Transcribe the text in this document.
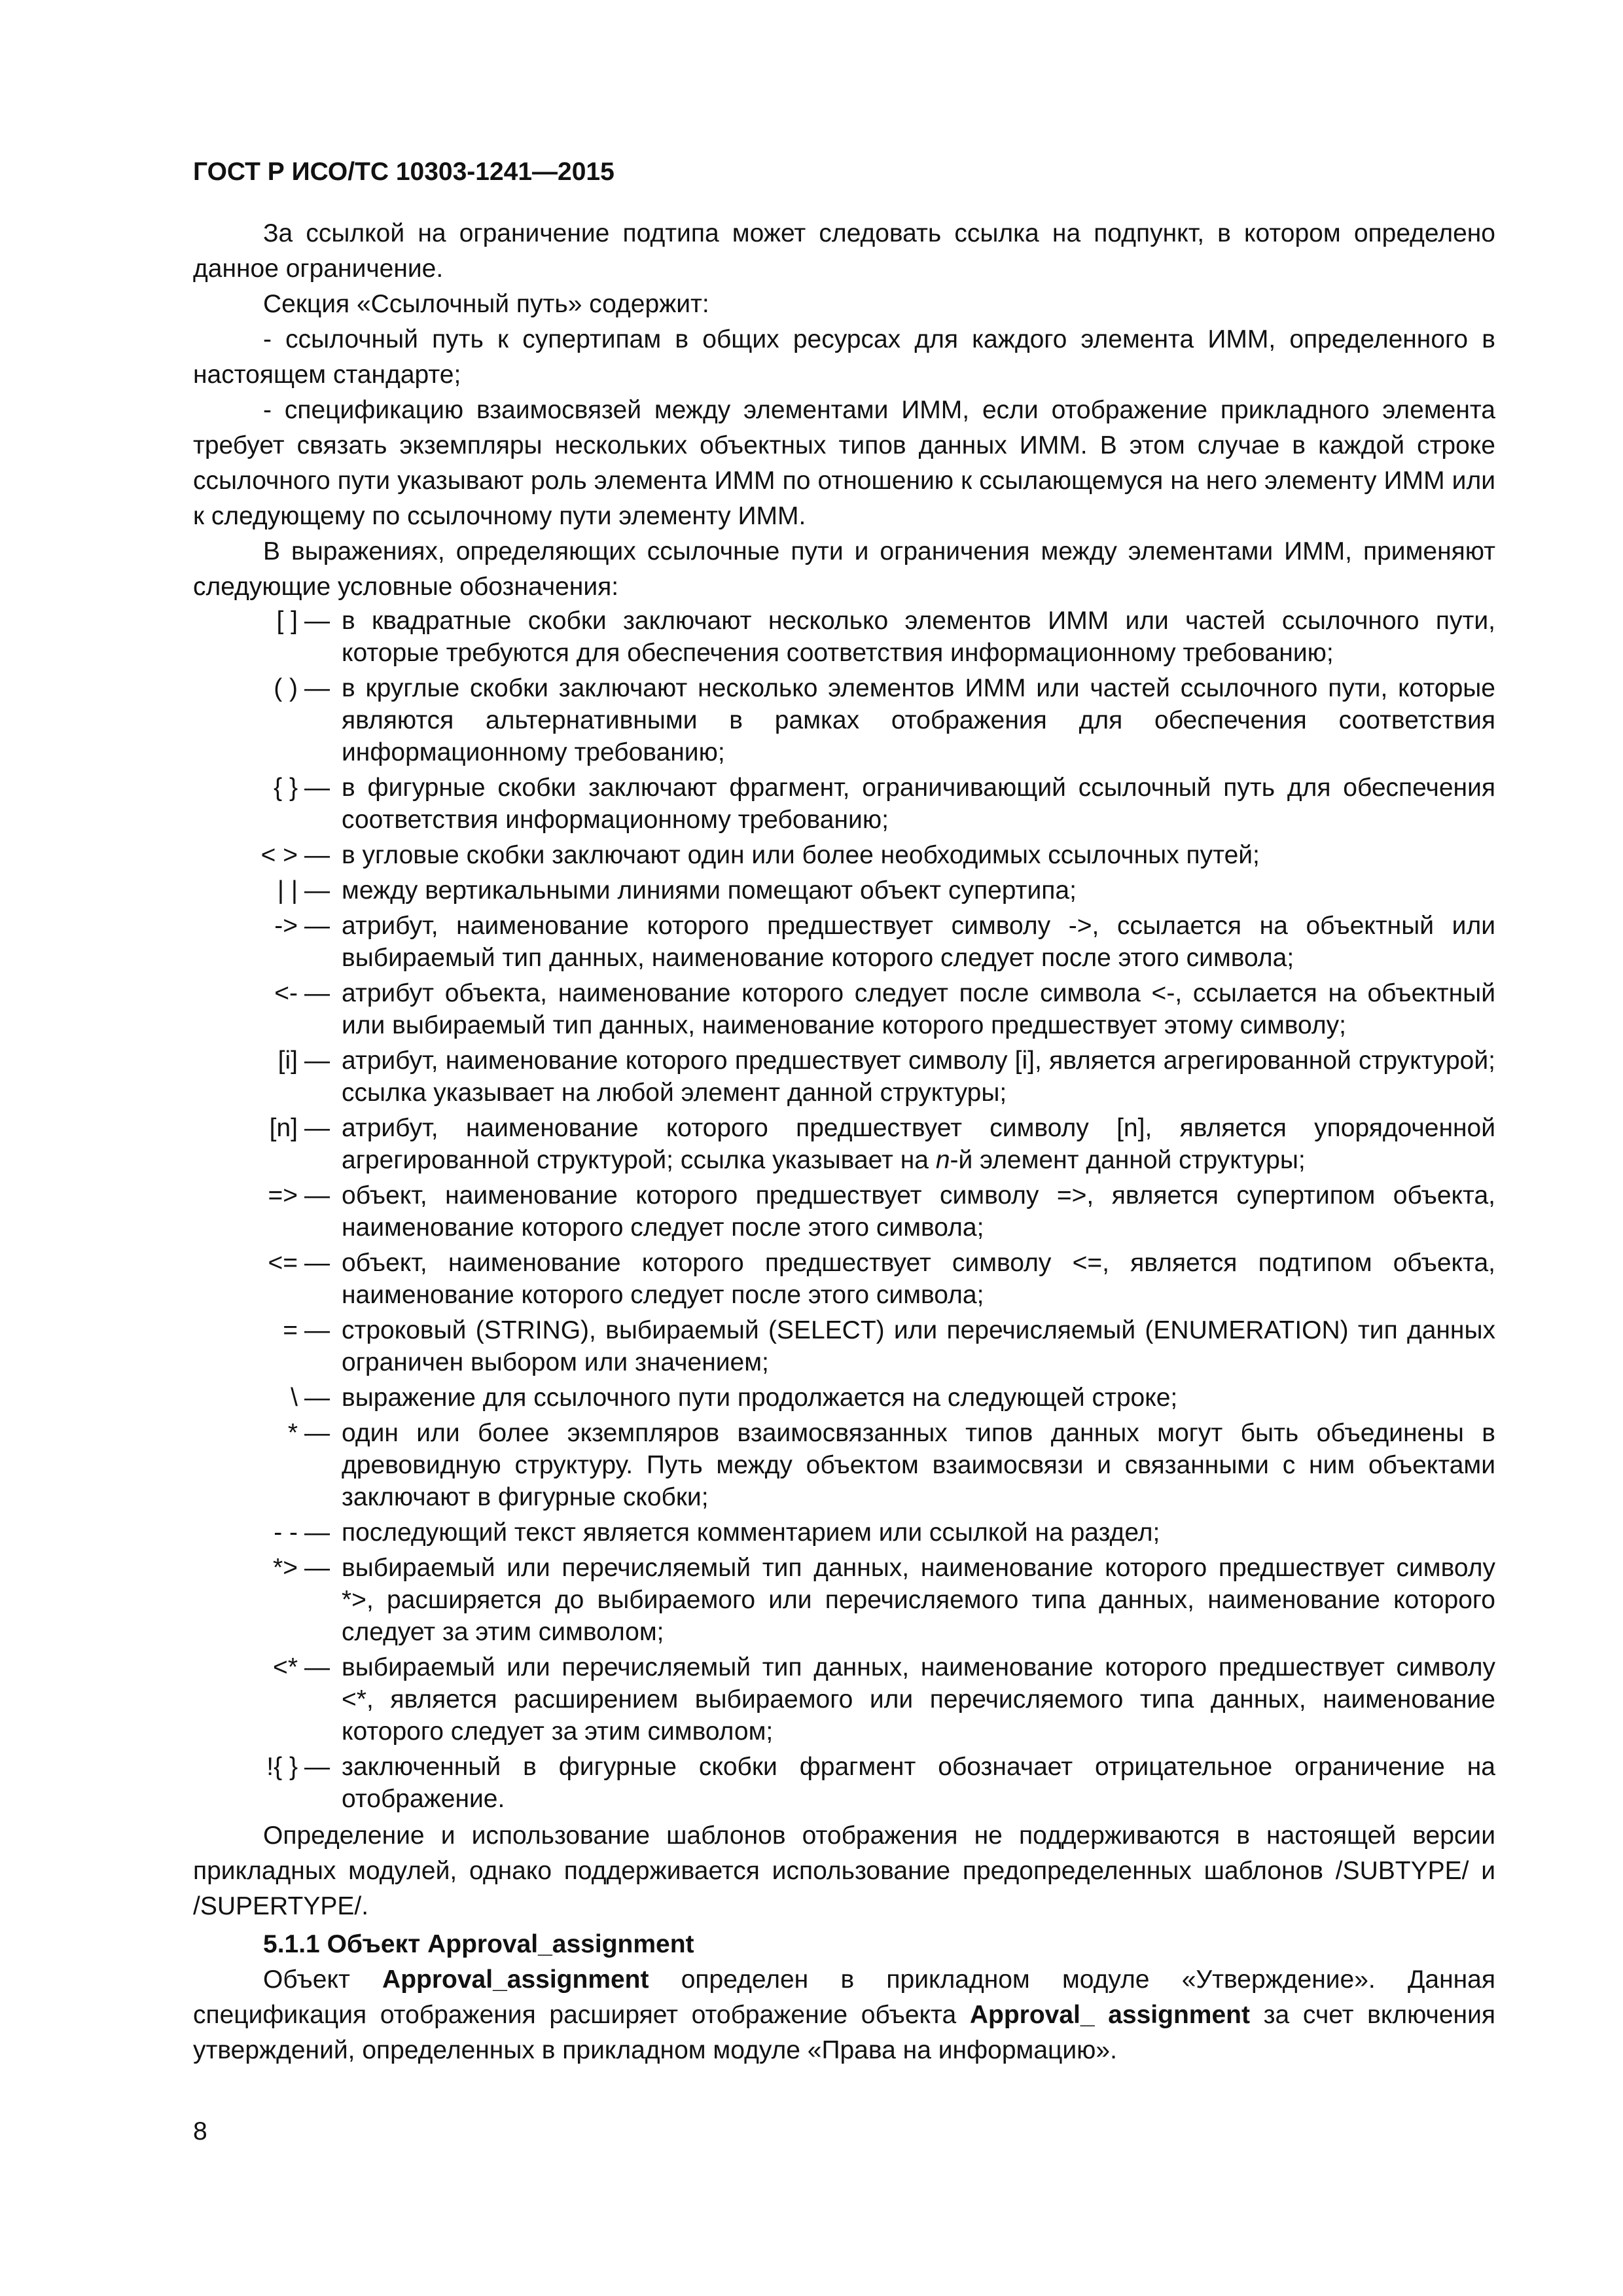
ГОСТ Р ИСО/ТС 10303-1241—2015

За ссылкой на ограничение подтипа может следовать ссылка на подпункт, в котором определено данное ограничение.

Секция «Ссылочный путь» содержит:

- ссылочный путь к супертипам в общих ресурсах для каждого элемента ИММ, определенного в настоящем стандарте;

- спецификацию взаимосвязей между элементами ИММ, если отображение прикладного элемента требует связать экземпляры нескольких объектных типов данных ИММ. В этом случае в каждой строке ссылочного пути указывают роль элемента ИММ по отношению к ссылающемуся на него элементу ИММ или к следующему по ссылочному пути элементу ИММ.

В выражениях, определяющих ссылочные пути и ограничения между элементами ИММ, применяют следующие условные обозначения:

[ ] — в квадратные скобки заключают несколько элементов ИММ или частей ссылочного пути, которые требуются для обеспечения соответствия информационному требованию;
( ) — в круглые скобки заключают несколько элементов ИММ или частей ссылочного пути, которые являются альтернативными в рамках отображения для обеспечения соответствия информационному требованию;
{ } — в фигурные скобки заключают фрагмент, ограничивающий ссылочный путь для обеспечения соответствия информационному требованию;
< > — в угловые скобки заключают один или более необходимых ссылочных путей;
| | — между вертикальными линиями помещают объект супертипа;
-> — атрибут, наименование которого предшествует символу ->, ссылается на объектный или выбираемый тип данных, наименование которого следует после этого символа;
<- — атрибут объекта, наименование которого следует после символа <-, ссылается на объектный или выбираемый тип данных, наименование которого предшествует этому символу;
[i] — атрибут, наименование которого предшествует символу [i], является агрегированной структурой; ссылка указывает на любой элемент данной структуры;
[n] — атрибут, наименование которого предшествует символу [n], является упорядоченной агрегированной структурой; ссылка указывает на n-й элемент данной структуры;
=> — объект, наименование которого предшествует символу =>, является супертипом объекта, наименование которого следует после этого символа;
<= — объект, наименование которого предшествует символу <=, является подтипом объекта, наименование которого следует после этого символа;
= — строковый (STRING), выбираемый (SELECT) или перечисляемый (ENUMERATION) тип данных ограничен выбором или значением;
\ — выражение для ссылочного пути продолжается на следующей строке;
* — один или более экземпляров взаимосвязанных типов данных могут быть объединены в древовидную структуру. Путь между объектом взаимосвязи и связанными с ним объектами заключают в фигурные скобки;
- - — последующий текст является комментарием или ссылкой на раздел;
*> — выбираемый или перечисляемый тип данных, наименование которого предшествует символу *>, расширяется до выбираемого или перечисляемого типа данных, наименование которого следует за этим символом;
<* — выбираемый или перечисляемый тип данных, наименование которого предшествует символу <*, является расширением выбираемого или перечисляемого типа данных, наименование которого следует за этим символом;
!{ } — заключенный в фигурные скобки фрагмент обозначает отрицательное ограничение на отображение.

Определение и использование шаблонов отображения не поддерживаются в настоящей версии прикладных модулей, однако поддерживается использование предопределенных шаблонов /SUBTYPE/ и /SUPERTYPE/.

5.1.1 Объект Approval_assignment

Объект Approval_assignment определен в прикладном модуле «Утверждение». Данная спецификация отображения расширяет отображение объекта Approval_ assignment за счет включения утверждений, определенных в прикладном модуле «Права на информацию».

8
